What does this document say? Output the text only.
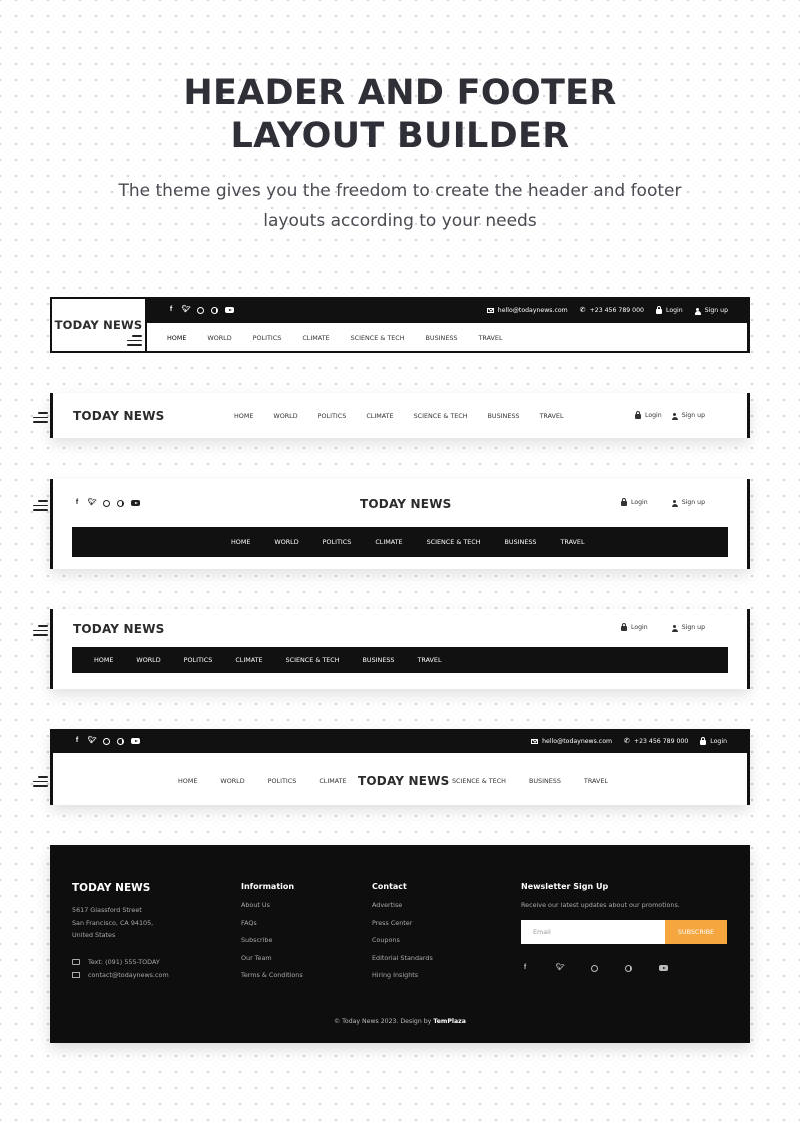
HEADER AND FOOTER
LAYOUT BUILDER
The theme gives you the freedom to create the header and footer
layouts according to your needs
TODAY NEWS
f	🐦︎	hello@todaynews.com ✆ +23 456 789 000	Login	Sign up
HOME	WORLD	POLITICS	CLIMATE	SCIENCE & TECH	BUSINESS	TRAVEL
TODAY NEWS	HOME	WORLD	POLITICS	CLIMATE	SCIENCE & TECH	BUSINESS	TRAVEL	Login	Sign up
f	🐦︎	TODAY NEWS	Login	Sign up
HOME	WORLD	POLITICS	CLIMATE	SCIENCE & TECH	BUSINESS	TRAVEL
TODAY NEWS	Login	Sign up
HOME	WORLD	POLITICS	CLIMATE	SCIENCE & TECH	BUSINESS	TRAVEL
f	🐦︎	hello@todaynews.com ✆ +23 456 789 000	Login
HOME	WORLD	POLITICS	CLIMATE TODAY NEWS SCIENCE & TECH	BUSINESS	TRAVEL
TODAY NEWS
5617 Glassford Street
San Francisco, CA 94105,
United States
Text: (091) 555-TODAY
contact@todaynews.com
Information
About Us
FAQs
Subscribe
Our Team
Terms & Conditions
Contact
Advertise
Press Center
Coupons
Editorial Standards
Hiring Insights
Newsletter Sign Up
Receive our latest updates about our promotions.
Email	SUBSCRIBE
f	🐦︎
© Today News 2023. Design by TemPlaza
